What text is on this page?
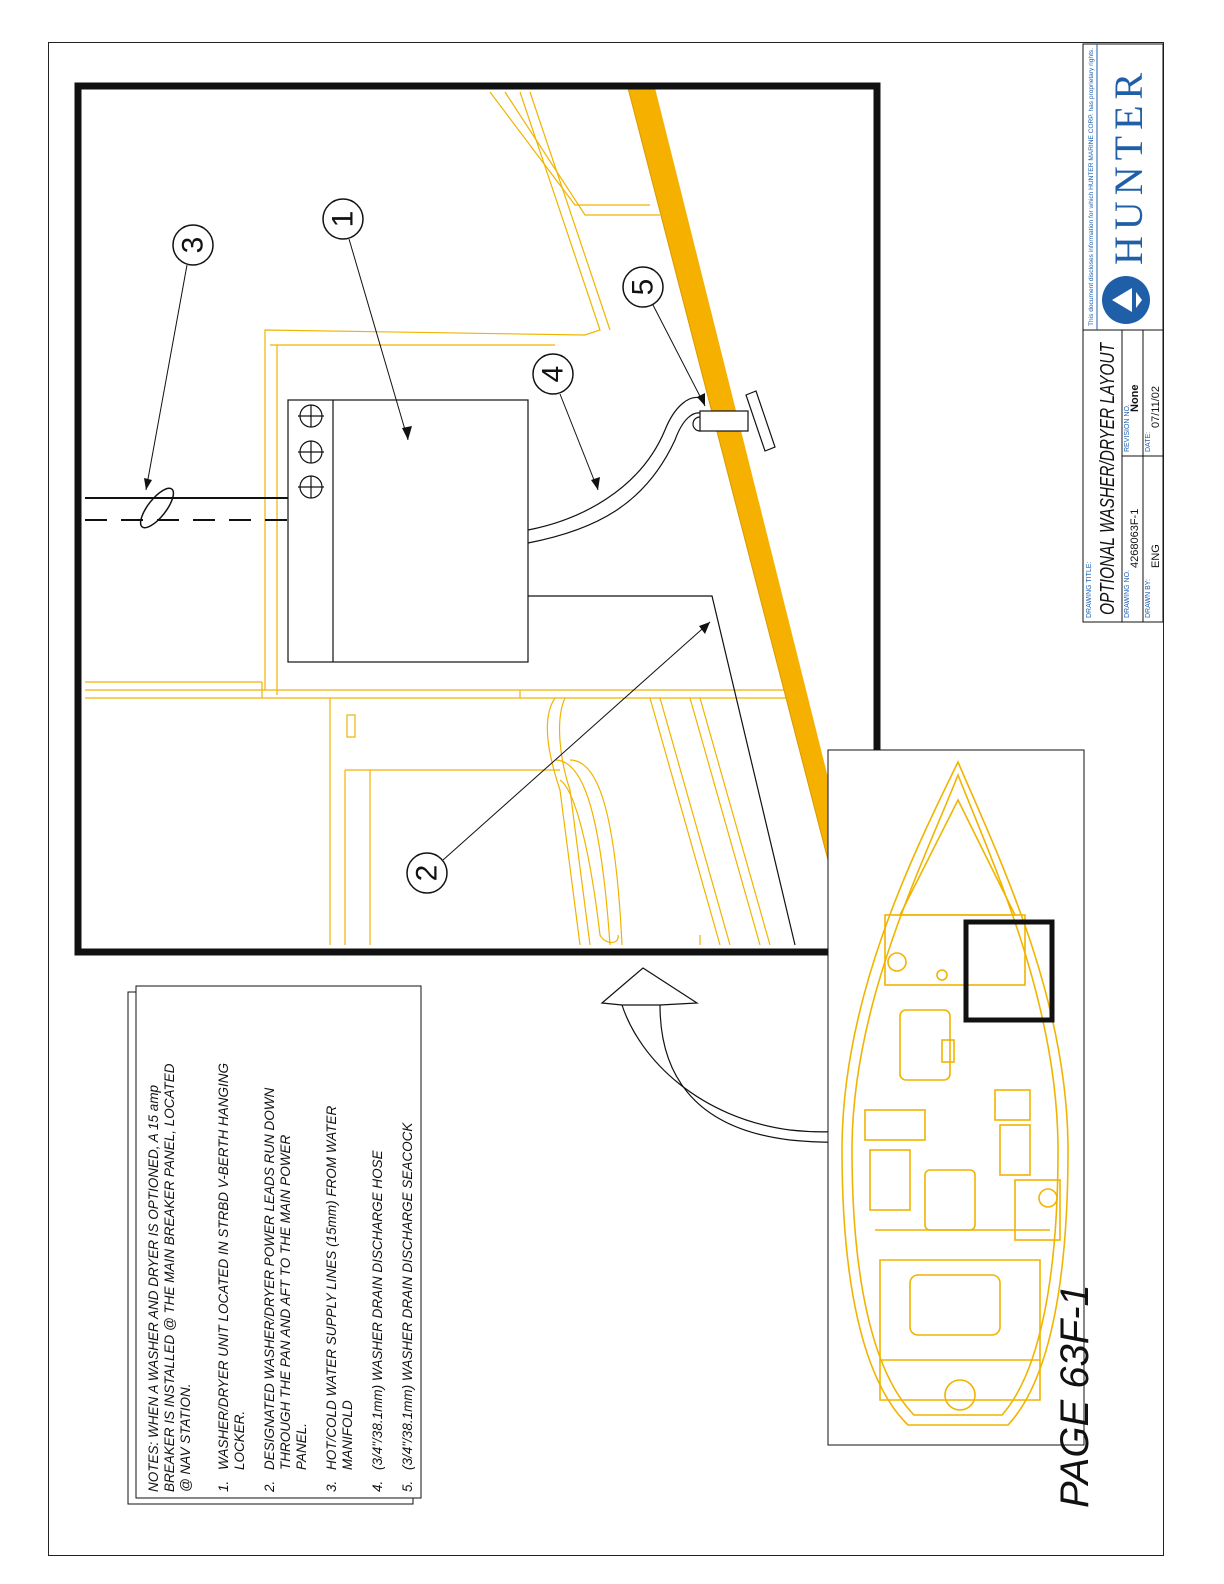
1
2
3
4
5
NOTES: WHEN A WASHER AND DRYER IS OPTIONED, A 15 amp BREAKER IS INSTALLED @ THE MAIN BREAKER PANEL, LOCATED @ NAV STATION. 1.
WASHER/DRYER UNIT LOCATED IN STRBD V-BERTH HANGING LOCKER.
2.
DESIGNATED WASHER/DRYER POWER LEADS RUN DOWN THROUGH THE PAN AND AFT TO THE MAIN POWER PANEL.
3.
HOT/COLD WATER SUPPLY LINES (15mm) FROM WATER MANIFOLD
4.
(3/4"/38.1mm) WASHER DRAIN DISCHARGE HOSE
5.
(3/4"/38.1mm) WASHER DRAIN DISCHARGE SEACOCK	PAGE 63F-1
This document discloses information for which HUNTER MARINE CORP. has proprietary rights. HUNTER
DRAWING TITLE: OPTIONAL WASHER/DRYER LAYOUT DRAWING NO.
4268063F-1
REVISION NO.
None
DRAWN BY:
ENG
DATE:
07/11/02
